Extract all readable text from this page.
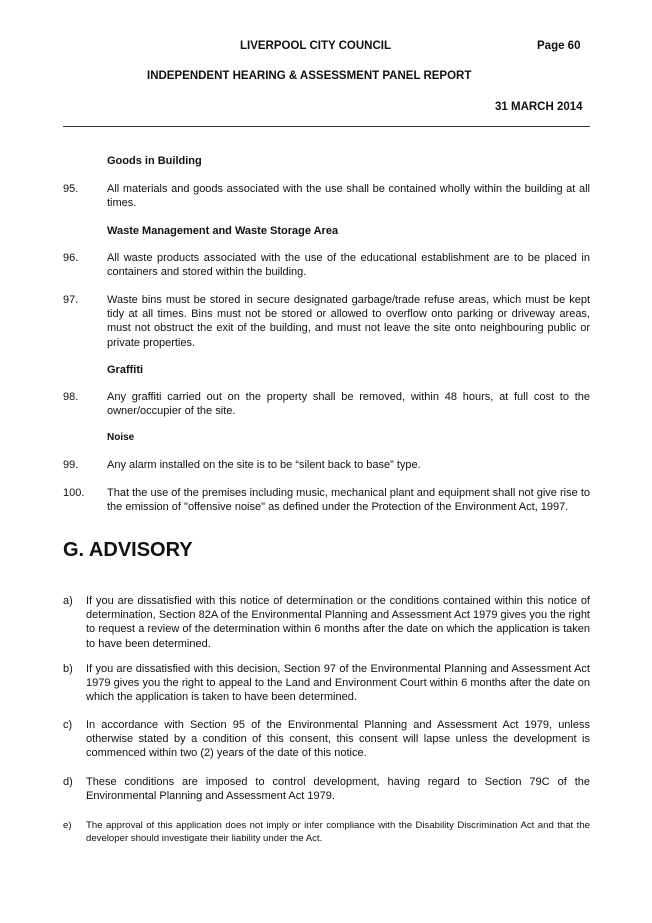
LIVERPOOL CITY COUNCIL	Page 60
INDEPENDENT HEARING & ASSESSMENT PANEL REPORT
31 MARCH 2014
Goods in Building
95.	All materials and goods associated with the use shall be contained wholly within the building at all times.
Waste Management and Waste Storage Area
96.	All waste products associated with the use of the educational establishment are to be placed in containers and stored within the building.
97.	Waste bins must be stored in secure designated garbage/trade refuse areas, which must be kept tidy at all times. Bins must not be stored or allowed to overflow onto parking or driveway areas, must not obstruct the exit of the building, and must not leave the site onto neighbouring public or private properties.
Graffiti
98.	Any graffiti carried out on the property shall be removed, within 48 hours, at full cost to the owner/occupier of the site.
Noise
99.	Any alarm installed on the site is to be “silent back to base” type.
100. That the use of the premises including music, mechanical plant and equipment shall not give rise to the emission of "offensive noise" as defined under the Protection of the Environment Act, 1997.
G. ADVISORY
a) If you are dissatisfied with this notice of determination or the conditions contained within this notice of determination, Section 82A of the Environmental Planning and Assessment Act 1979 gives you the right to request a review of the determination within 6 months after the date on which the application is taken to have been determined.
b) If you are dissatisfied with this decision, Section 97 of the Environmental Planning and Assessment Act 1979 gives you the right to appeal to the Land and Environment Court within 6 months after the date on which the application is taken to have been determined.
c) In accordance with Section 95 of the Environmental Planning and Assessment Act 1979, unless otherwise stated by a condition of this consent, this consent will lapse unless the development is commenced within two (2) years of the date of this notice.
d) These conditions are imposed to control development, having regard to Section 79C of the Environmental Planning and Assessment Act 1979.
e) The approval of this application does not imply or infer compliance with the Disability Discrimination Act and that the developer should investigate their liability under the Act.
